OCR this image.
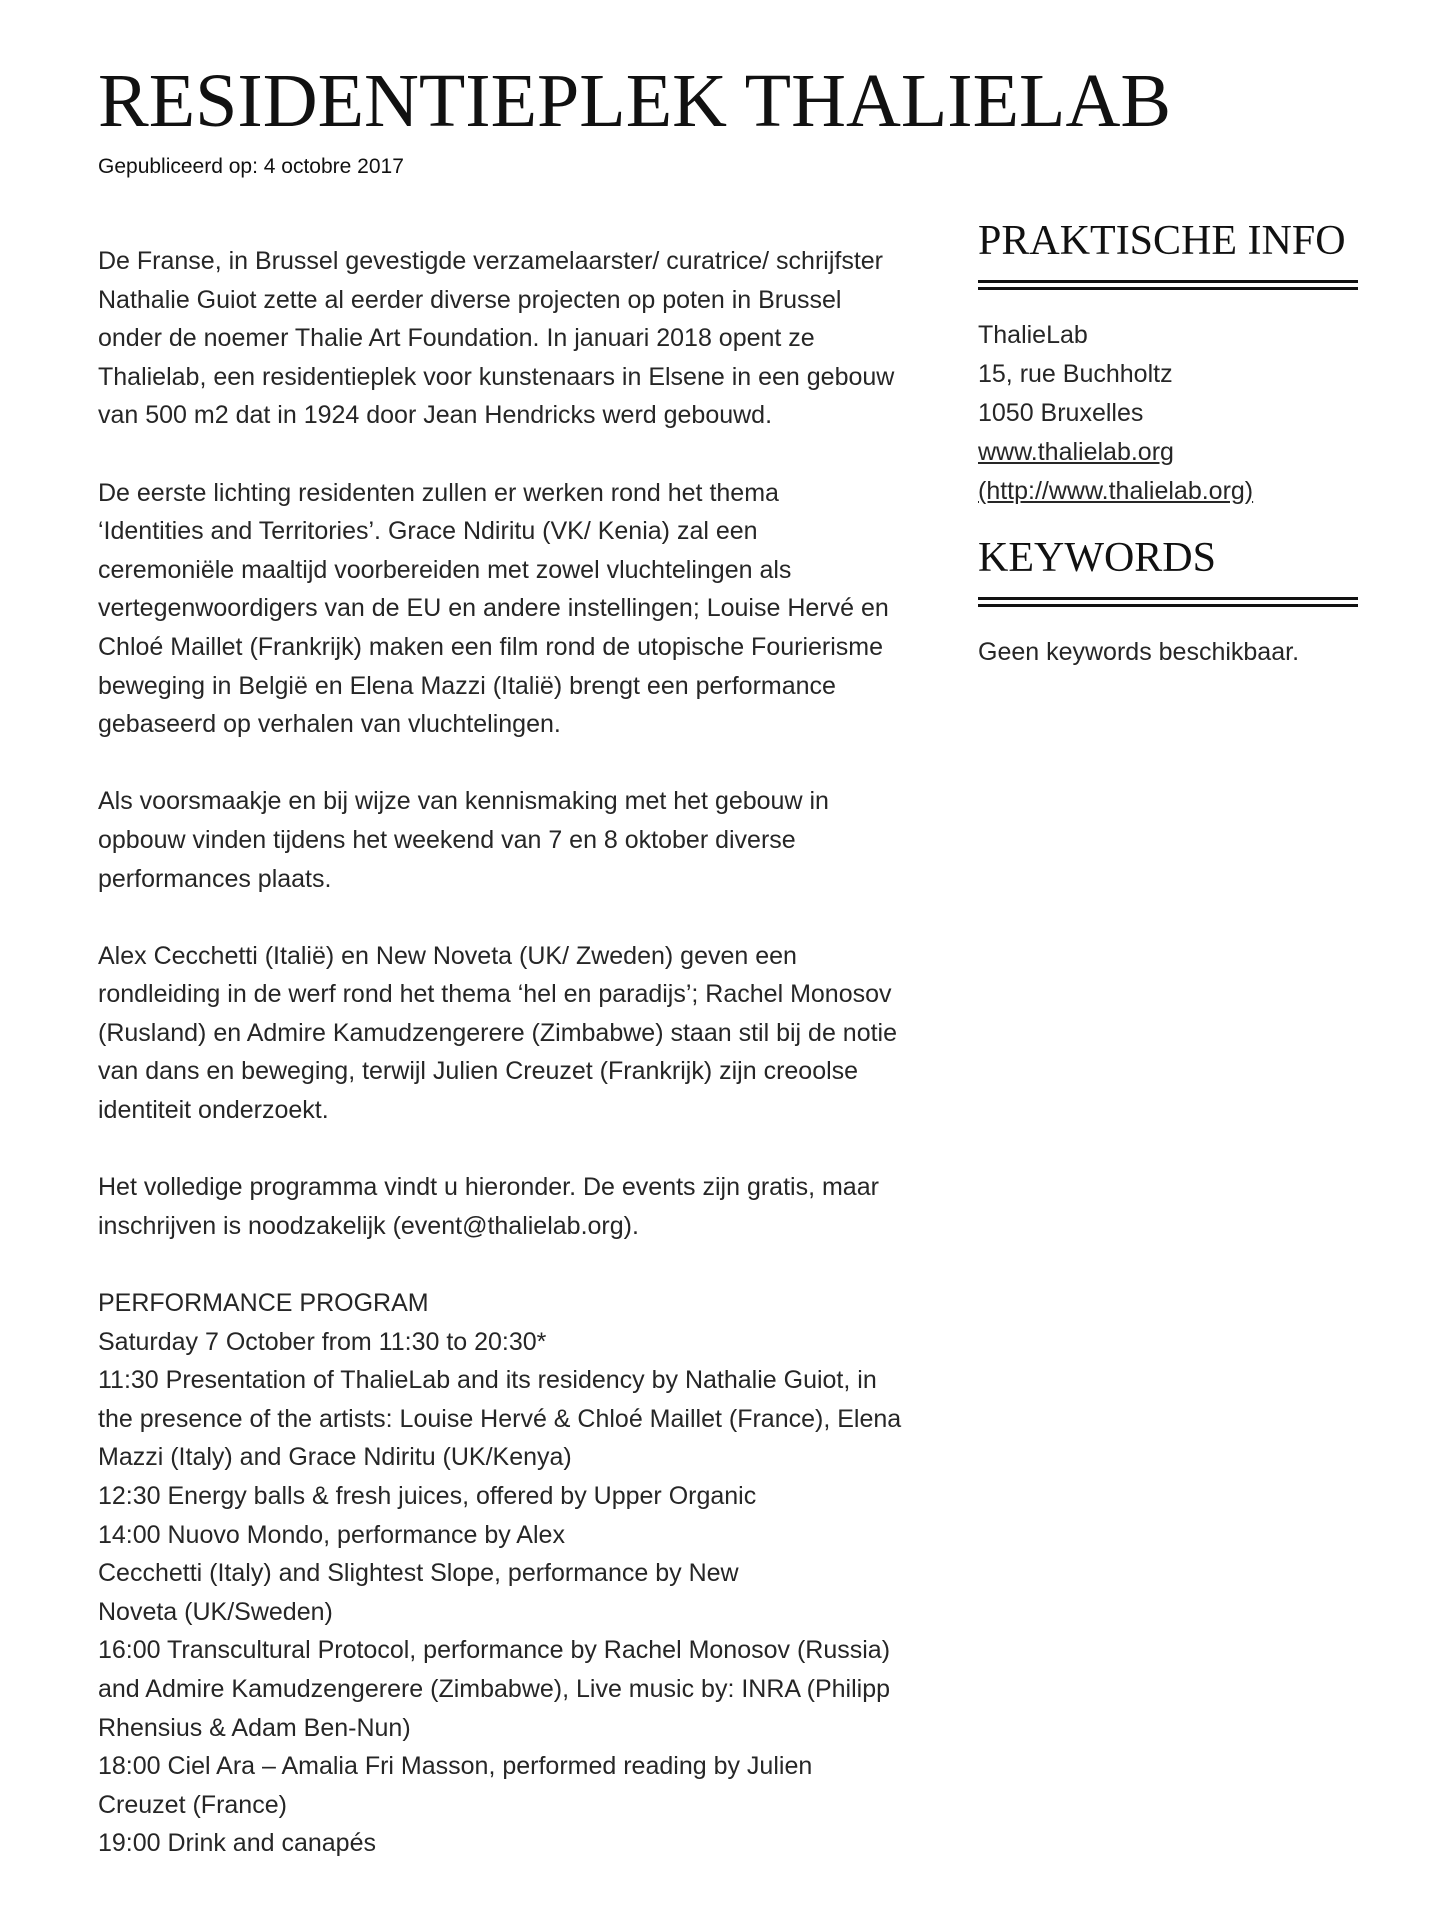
RESIDENTIEPLEK THALIELAB
Gepubliceerd op: 4 octobre 2017

De Franse, in Brussel gevestigde verzamelaarster/ curatrice/ schrijfster
Nathalie Guiot zette al eerder diverse projecten op poten in Brussel
onder de noemer Thalie Art Foundation. In januari 2018 opent ze
Thalielab, een residentieplek voor kunstenaars in Elsene in een gebouw
van 500 m2 dat in 1924 door Jean Hendricks werd gebouwd.

De eerste lichting residenten zullen er werken rond het thema
‘Identities and Territories’. Grace Ndiritu (VK/ Kenia) zal een
ceremoniële maaltijd voorbereiden met zowel vluchtelingen als
vertegenwoordigers van de EU en andere instellingen; Louise Hervé en
Chloé Maillet (Frankrijk) maken een film rond de utopische Fourierisme
beweging in België en Elena Mazzi (Italië) brengt een performance
gebaseerd op verhalen van vluchtelingen.

Als voorsmaakje en bij wijze van kennismaking met het gebouw in
opbouw vinden tijdens het weekend van 7 en 8 oktober diverse
performances plaats.

Alex Cecchetti (Italië) en New Noveta (UK/ Zweden) geven een
rondleiding in de werf rond het thema ‘hel en paradijs’; Rachel Monosov
(Rusland) en Admire Kamudzengerere (Zimbabwe) staan stil bij de notie
van dans en beweging, terwijl Julien Creuzet (Frankrijk) zijn creoolse
identiteit onderzoekt.

Het volledige programma vindt u hieronder. De events zijn gratis, maar
inschrijven is noodzakelijk (event@thalielab.org).

PERFORMANCE PROGRAM
Saturday 7 October from 11:30 to 20:30*
11:30 Presentation of ThalieLab and its residency by Nathalie Guiot, in
the presence of the artists: Louise Hervé & Chloé Maillet (France), Elena
Mazzi (Italy) and Grace Ndiritu (UK/Kenya)
12:30 Energy balls & fresh juices, offered by Upper Organic
14:00 Nuovo Mondo, performance by Alex
Cecchetti (Italy) and Slightest Slope, performance by New
Noveta (UK/Sweden)
16:00 Transcultural Protocol, performance by Rachel Monosov (Russia)
and Admire Kamudzengerere (Zimbabwe), Live music by: INRA (Philipp
Rhensius & Adam Ben-Nun)
18:00 Ciel Ara – Amalia Fri Masson, performed reading by Julien
Creuzet (France)
19:00 Drink and canapés
PRAKTISCHE INFO
ThalieLab
15, rue Buchholtz
1050 Bruxelles
www.thalielab.org
(http://www.thalielab.org)
KEYWORDS
Geen keywords beschikbaar.
